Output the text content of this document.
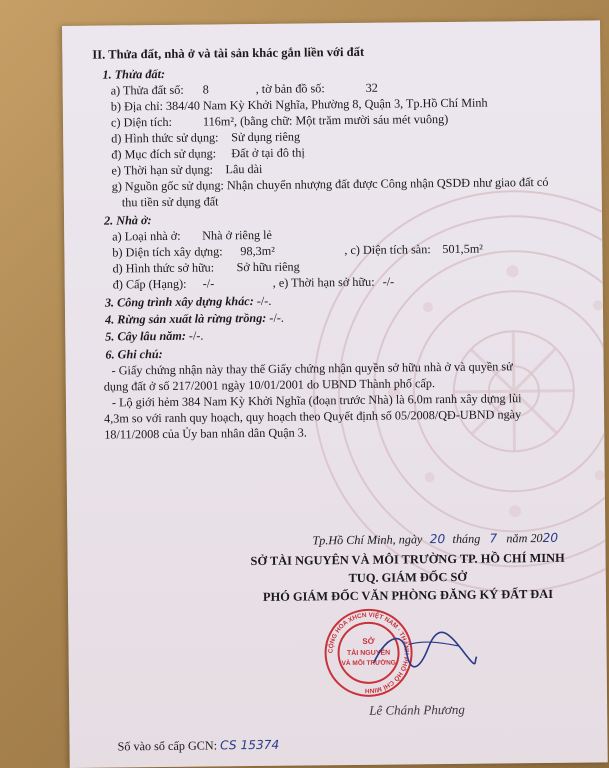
II. Thửa đất, nhà ở và tài sản khác gắn liền với đất
1. Thửa đất:
a) Thửa đất số: 8	, tờ bản đồ số:	32
b) Địa chỉ: 384/40 Nam Kỳ Khởi Nghĩa, Phường 8, Quận 3, Tp.Hồ Chí Minh
c) Diện tích:	116m², (bằng chữ: Một trăm mười sáu mét vuông)
d) Hình thức sử dụng: Sử dụng riêng
đ) Mục đích sử dụng: Đất ở tại đô thị
e) Thời hạn sử dụng: Lâu dài
g) Nguồn gốc sử dụng: Nhận chuyển nhượng đất được Công nhận QSDĐ như giao đất có
thu tiền sử dụng đất
2. Nhà ở:
a) Loại nhà ở: Nhà ở riêng lẻ
b) Diện tích xây dựng: 98,3m²	, c) Diện tích sàn: 501,5m²
d) Hình thức sở hữu: Sở hữu riêng
đ) Cấp (Hạng): -/-	, e) Thời hạn sở hữu: -/-
3. Công trình xây dựng khác: -/-.
4. Rừng sản xuất là rừng trồng: -/-.
5. Cây lâu năm: -/-.
6. Ghi chú:
- Giấy chứng nhận này thay thế Giấy chứng nhận quyền sở hữu nhà ở và quyền sử
dụng đất ở số 217/2001 ngày 10/01/2001 do UBND Thành phố cấp.
- Lộ giới hẻm 384 Nam Kỳ Khởi Nghĩa (đoạn trước Nhà) là 6.0m ranh xây dựng lùi
4,3m so với ranh quy hoạch, quy hoạch theo Quyết định số 05/2008/QĐ-UBND ngày
18/11/2008 của Ủy ban nhân dân Quận 3.
Tp.Hồ Chí Minh, ngày 20 tháng 7 năm 2020
SỞ TÀI NGUYÊN VÀ MÔI TRƯỜNG TP. HỒ CHÍ MINH
TUQ. GIÁM ĐỐC SỞ
PHÓ GIÁM ĐỐC VĂN PHÒNG ĐĂNG KÝ ĐẤT ĐAI
CỘNG HÒA XHCN VIỆT NAM · THÀNH PHỐ HỒ CHÍ MINH
SỞ
TÀI NGUYÊN
VÀ MÔI TRƯỜNG
Lê Chánh Phương
Số vào sổ cấp GCN: CS 15374
